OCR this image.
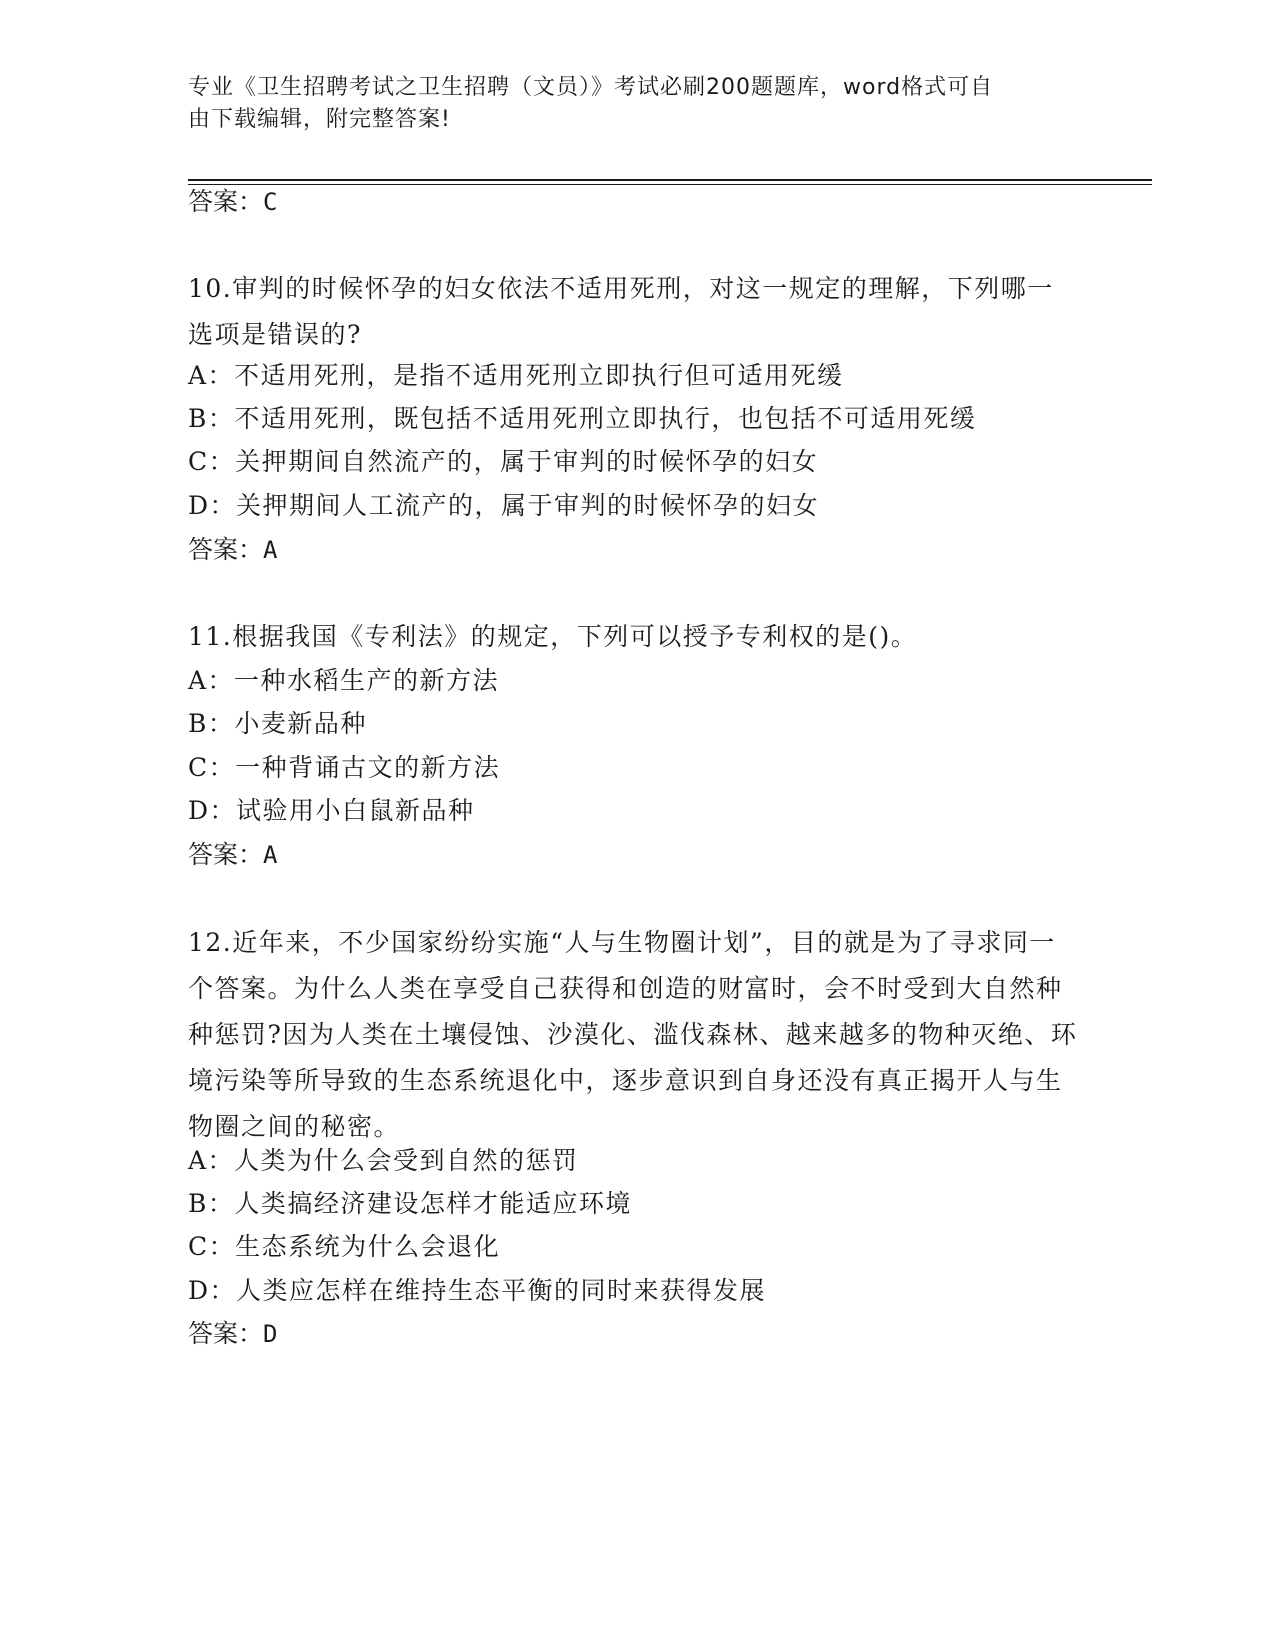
专业《卫生招聘考试之卫生招聘（文员）》考试必刷200题题库，word格式可自
由下载编辑，附完整答案!
答案：C
10.审判的时候怀孕的妇女依法不适用死刑，对这一规定的理解，下列哪一选项是错误的?
A：不适用死刑，是指不适用死刑立即执行但可适用死缓
B：不适用死刑，既包括不适用死刑立即执行，也包括不可适用死缓
C：关押期间自然流产的，属于审判的时候怀孕的妇女
D：关押期间人工流产的，属于审判的时候怀孕的妇女
答案：A
11.根据我国《专利法》的规定，下列可以授予专利权的是()。
A：一种水稻生产的新方法
B：小麦新品种
C：一种背诵古文的新方法
D：试验用小白鼠新品种
答案：A
12.近年来，不少国家纷纷实施“人与生物圈计划”，目的就是为了寻求同一个答案。为什么人类在享受自己获得和创造的财富时，会不时受到大自然种种惩罚?因为人类在土壤侵蚀、沙漠化、滥伐森林、越来越多的物种灭绝、环境污染等所导致的生态系统退化中，逐步意识到自身还没有真正揭开人与生物圈之间的秘密。
A：人类为什么会受到自然的惩罚
B：人类搞经济建设怎样才能适应环境
C：生态系统为什么会退化
D：人类应怎样在维持生态平衡的同时来获得发展
答案：D
